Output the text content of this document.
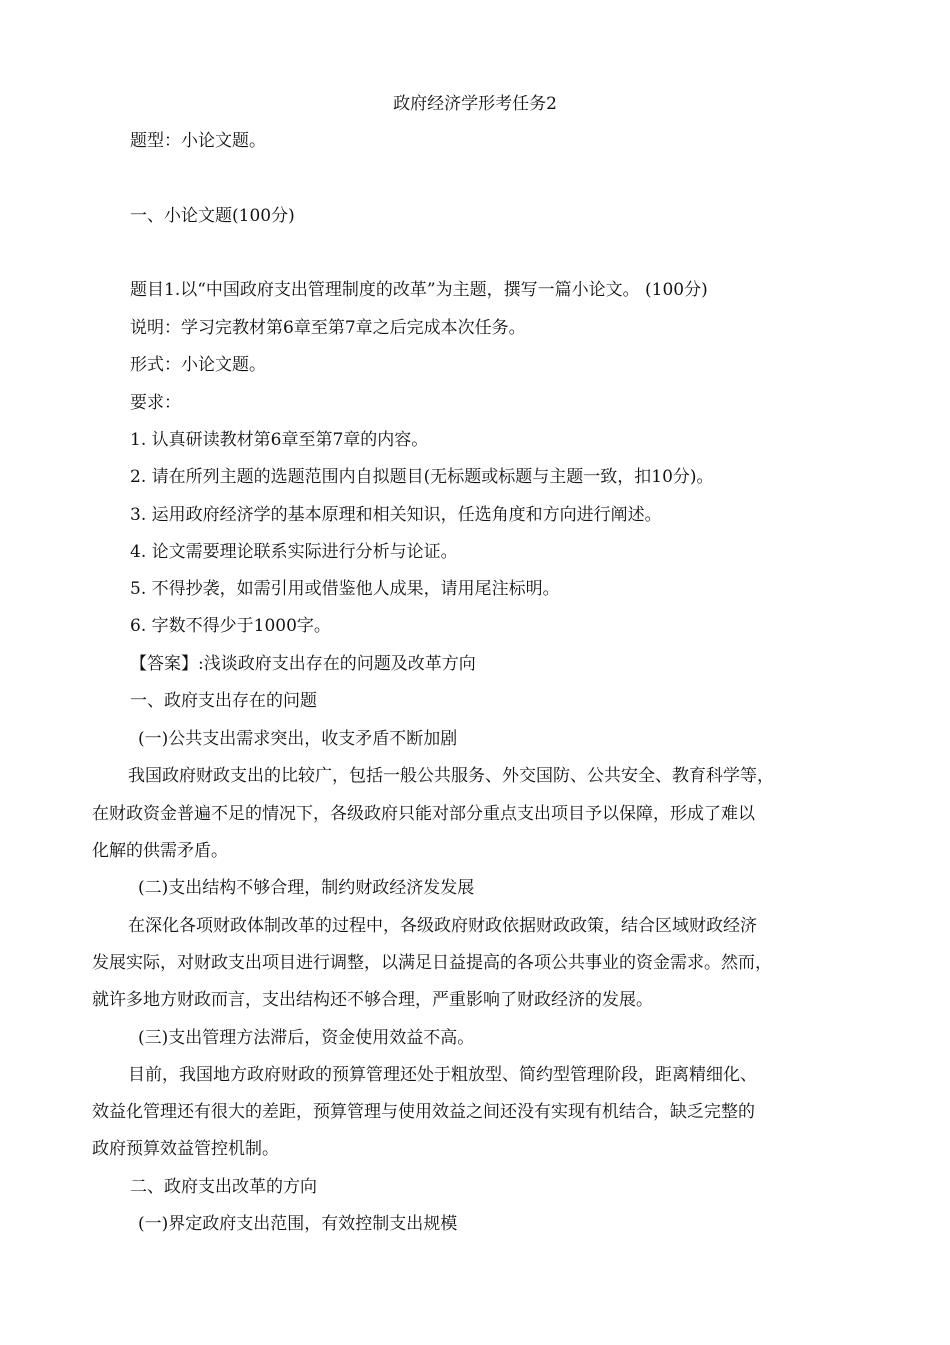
政府经济学形考任务2
题型：小论文题。
一、小论文题(100分)
题目1.以“中国政府支出管理制度的改革”为主题，撰写一篇小论文。 (100分)
说明：学习完教材第6章至第7章之后完成本次任务。
形式：小论文题。
要求：
1. 认真研读教材第6章至第7章的内容。
2. 请在所列主题的选题范围内自拟题目(无标题或标题与主题一致，扣10分)。
3. 运用政府经济学的基本原理和相关知识，任选角度和方向进行阐述。
4. 论文需要理论联系实际进行分析与论证。
5. 不得抄袭，如需引用或借鉴他人成果，请用尾注标明。
6. 字数不得少于1000字。
【答案】:浅谈政府支出存在的问题及改革方向
一、政府支出存在的问题
(一)公共支出需求突出，收支矛盾不断加剧
我国政府财政支出的比较广，包括一般公共服务、外交国防、公共安全、教育科学等，
在财政资金普遍不足的情况下，各级政府只能对部分重点支出项目予以保障，形成了难以
化解的供需矛盾。
(二)支出结构不够合理，制约财政经济发发展
在深化各项财政体制改革的过程中，各级政府财政依据财政政策，结合区域财政经济
发展实际，对财政支出项目进行调整，以满足日益提高的各项公共事业的资金需求。然而，
就许多地方财政而言，支出结构还不够合理，严重影响了财政经济的发展。
(三)支出管理方法滞后，资金使用效益不高。
目前，我国地方政府财政的预算管理还处于粗放型、简约型管理阶段，距离精细化、
效益化管理还有很大的差距，预算管理与使用效益之间还没有实现有机结合，缺乏完整的
政府预算效益管控机制。
二、政府支出改革的方向
(一)界定政府支出范围，有效控制支出规模
